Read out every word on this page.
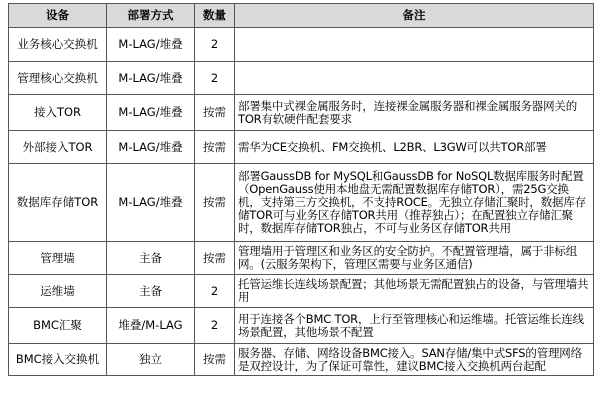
设备	部署方式	数量	备注
业务核心交换机	M-LAG/堆叠	2	
管理核心交换机	M-LAG/堆叠	2	
接入TOR	M-LAG/堆叠	按需	部署集中式裸金属服务时，连接裸金属服务器和裸金属服务器网关的TOR有软硬件配套要求
外部接入TOR	M-LAG/堆叠	按需	需华为CE交换机、FM交换机、L2BR、L3GW可以共TOR部署
数据库存储TOR	M-LAG/堆叠	按需	部署GaussDB for MySQL和GaussDB for NoSQL数据库服务时配置（OpenGauss使用本地盘无需配置数据库存储TOR），需25G交换机，支持第三方交换机，不支持ROCE。无独立存储汇聚时，数据库存储TOR可与业务区存储TOR共用（推荐独占）；在配置独立存储汇聚时，数据库存储TOR独占，不可与业务区存储TOR共用
管理墙	主备	按需	管理墙用于管理区和业务区的安全防护。不配置管理墙，属于非标组网。(云服务架构下，管理区需要与业务区通信)
运维墙	主备	2	托管运维长连线场景配置；其他场景无需配置独占的设备，与管理墙共用
BMC汇聚	堆叠/M-LAG	2	用于连接各个BMC TOR，上行至管理核心和运维墙。托管运维长连线场景配置，其他场景不配置
BMC接入交换机	独立	按需	服务器、存储、网络设备BMC接入。SAN存储/集中式SFS的管理网络是双控设计，为了保证可靠性，建议BMC接入交换机两台起配
